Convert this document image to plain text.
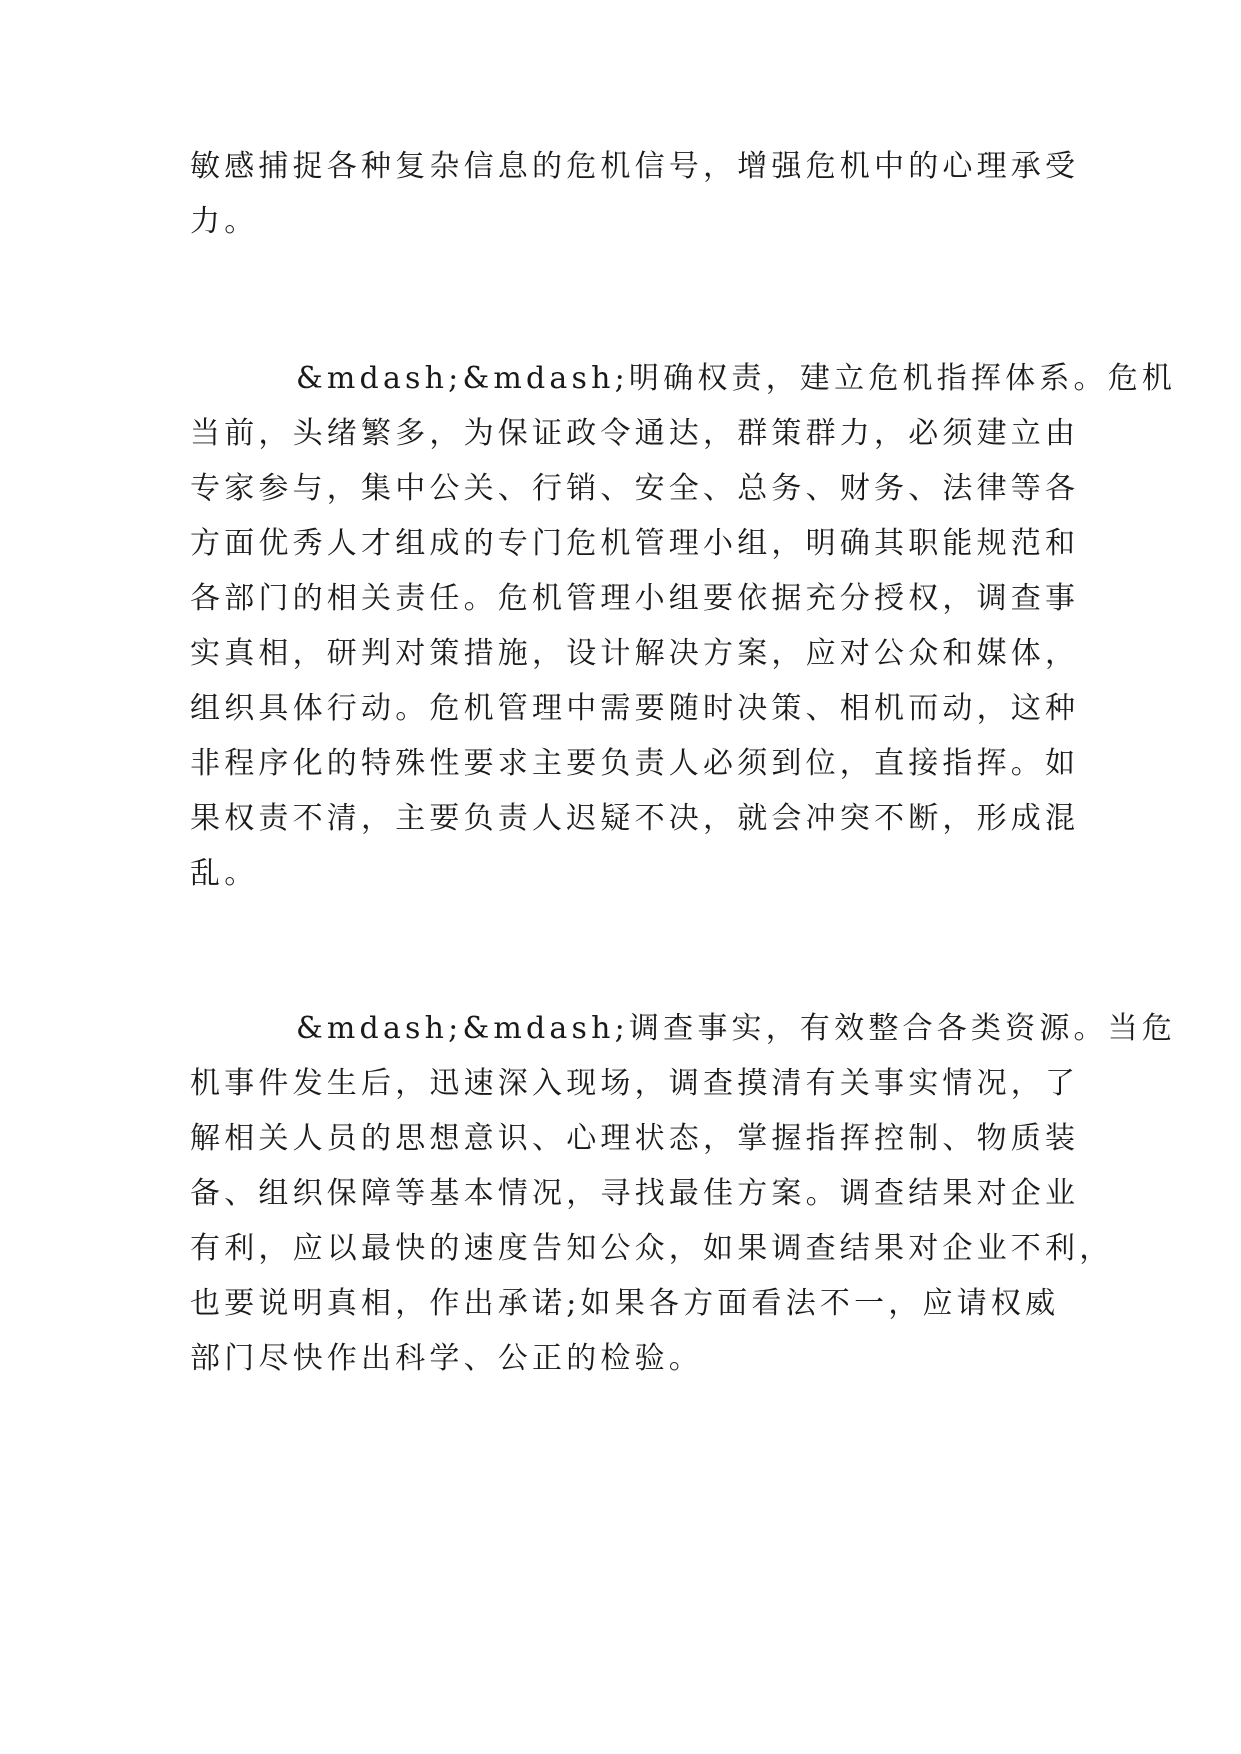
敏感捕捉各种复杂信息的危机信号，增强危机中的心理承受
力。
&mdash;&mdash;明确权责，建立危机指挥体系。危机
当前，头绪繁多，为保证政令通达，群策群力，必须建立由
专家参与，集中公关、行销、安全、总务、财务、法律等各
方面优秀人才组成的专门危机管理小组，明确其职能规范和
各部门的相关责任。危机管理小组要依据充分授权，调查事
实真相，研判对策措施，设计解决方案，应对公众和媒体，
组织具体行动。危机管理中需要随时决策、相机而动，这种
非程序化的特殊性要求主要负责人必须到位，直接指挥。如
果权责不清，主要负责人迟疑不决，就会冲突不断，形成混
乱。
&mdash;&mdash;调查事实，有效整合各类资源。当危
机事件发生后，迅速深入现场，调查摸清有关事实情况，了
解相关人员的思想意识、心理状态，掌握指挥控制、物质装
备、组织保障等基本情况，寻找最佳方案。调查结果对企业
有利，应以最快的速度告知公众，如果调查结果对企业不利，
也要说明真相，作出承诺;如果各方面看法不一，应请权威
部门尽快作出科学、公正的检验。
